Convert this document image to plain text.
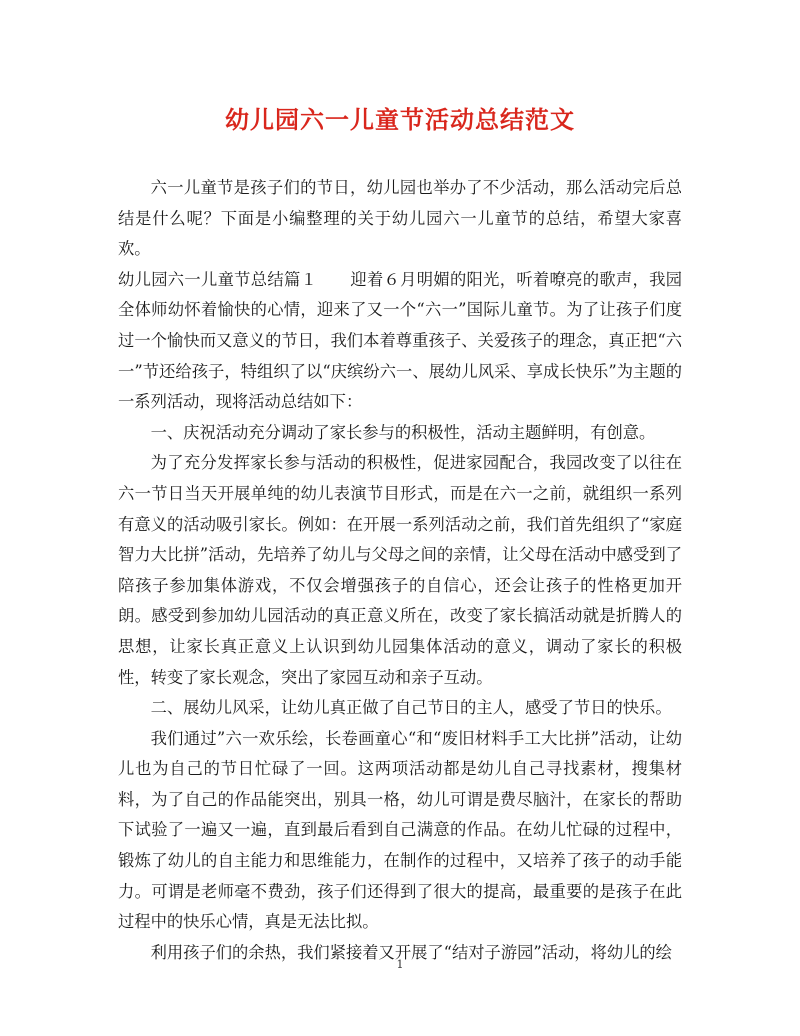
幼儿园六一儿童节活动总结范文

六一儿童节是孩子们的节日，幼儿园也举办了不少活动，那么活动完后总结是什么呢？下面是小编整理的关于幼儿园六一儿童节的总结，希望大家喜欢。

幼儿园六一儿童节总结篇１　　迎着６月明媚的阳光，听着嘹亮的歌声，我园全体师幼怀着愉快的心情，迎来了又一个“六一”国际儿童节。为了让孩子们度过一个愉快而又意义的节日，我们本着尊重孩子、关爱孩子的理念，真正把“六一”节还给孩子，特组织了以“庆缤纷六一、展幼儿风采、享成长快乐”为主题的一系列活动，现将活动总结如下：

一、庆祝活动充分调动了家长参与的积极性，活动主题鲜明，有创意。

为了充分发挥家长参与活动的积极性，促进家园配合，我园改变了以往在六一节日当天开展单纯的幼儿表演节目形式，而是在六一之前，就组织一系列有意义的活动吸引家长。例如：在开展一系列活动之前，我们首先组织了“家庭智力大比拼”活动，先培养了幼儿与父母之间的亲情，让父母在活动中感受到了陪孩子参加集体游戏，不仅会增强孩子的自信心，还会让孩子的性格更加开朗。感受到参加幼儿园活动的真正意义所在，改变了家长搞活动就是折腾人的思想，让家长真正意义上认识到幼儿园集体活动的意义，调动了家长的积极性，转变了家长观念，突出了家园互动和亲子互动。

二、展幼儿风采，让幼儿真正做了自己节日的主人，感受了节日的快乐。

我们通过”六一欢乐绘，长卷画童心“和“废旧材料手工大比拼”活动，让幼儿也为自己的节日忙碌了一回。这两项活动都是幼儿自己寻找素材，搜集材料，为了自己的作品能突出，别具一格，幼儿可谓是费尽脑汁，在家长的帮助下试验了一遍又一遍，直到最后看到自己满意的作品。在幼儿忙碌的过程中，锻炼了幼儿的自主能力和思维能力，在制作的过程中，又培养了孩子的动手能力。可谓是老师毫不费劲，孩子们还得到了很大的提高，最重要的是孩子在此过程中的快乐心情，真是无法比拟。

利用孩子们的余热，我们紧接着又开展了“结对子游园”活动，将幼儿的绘

1
